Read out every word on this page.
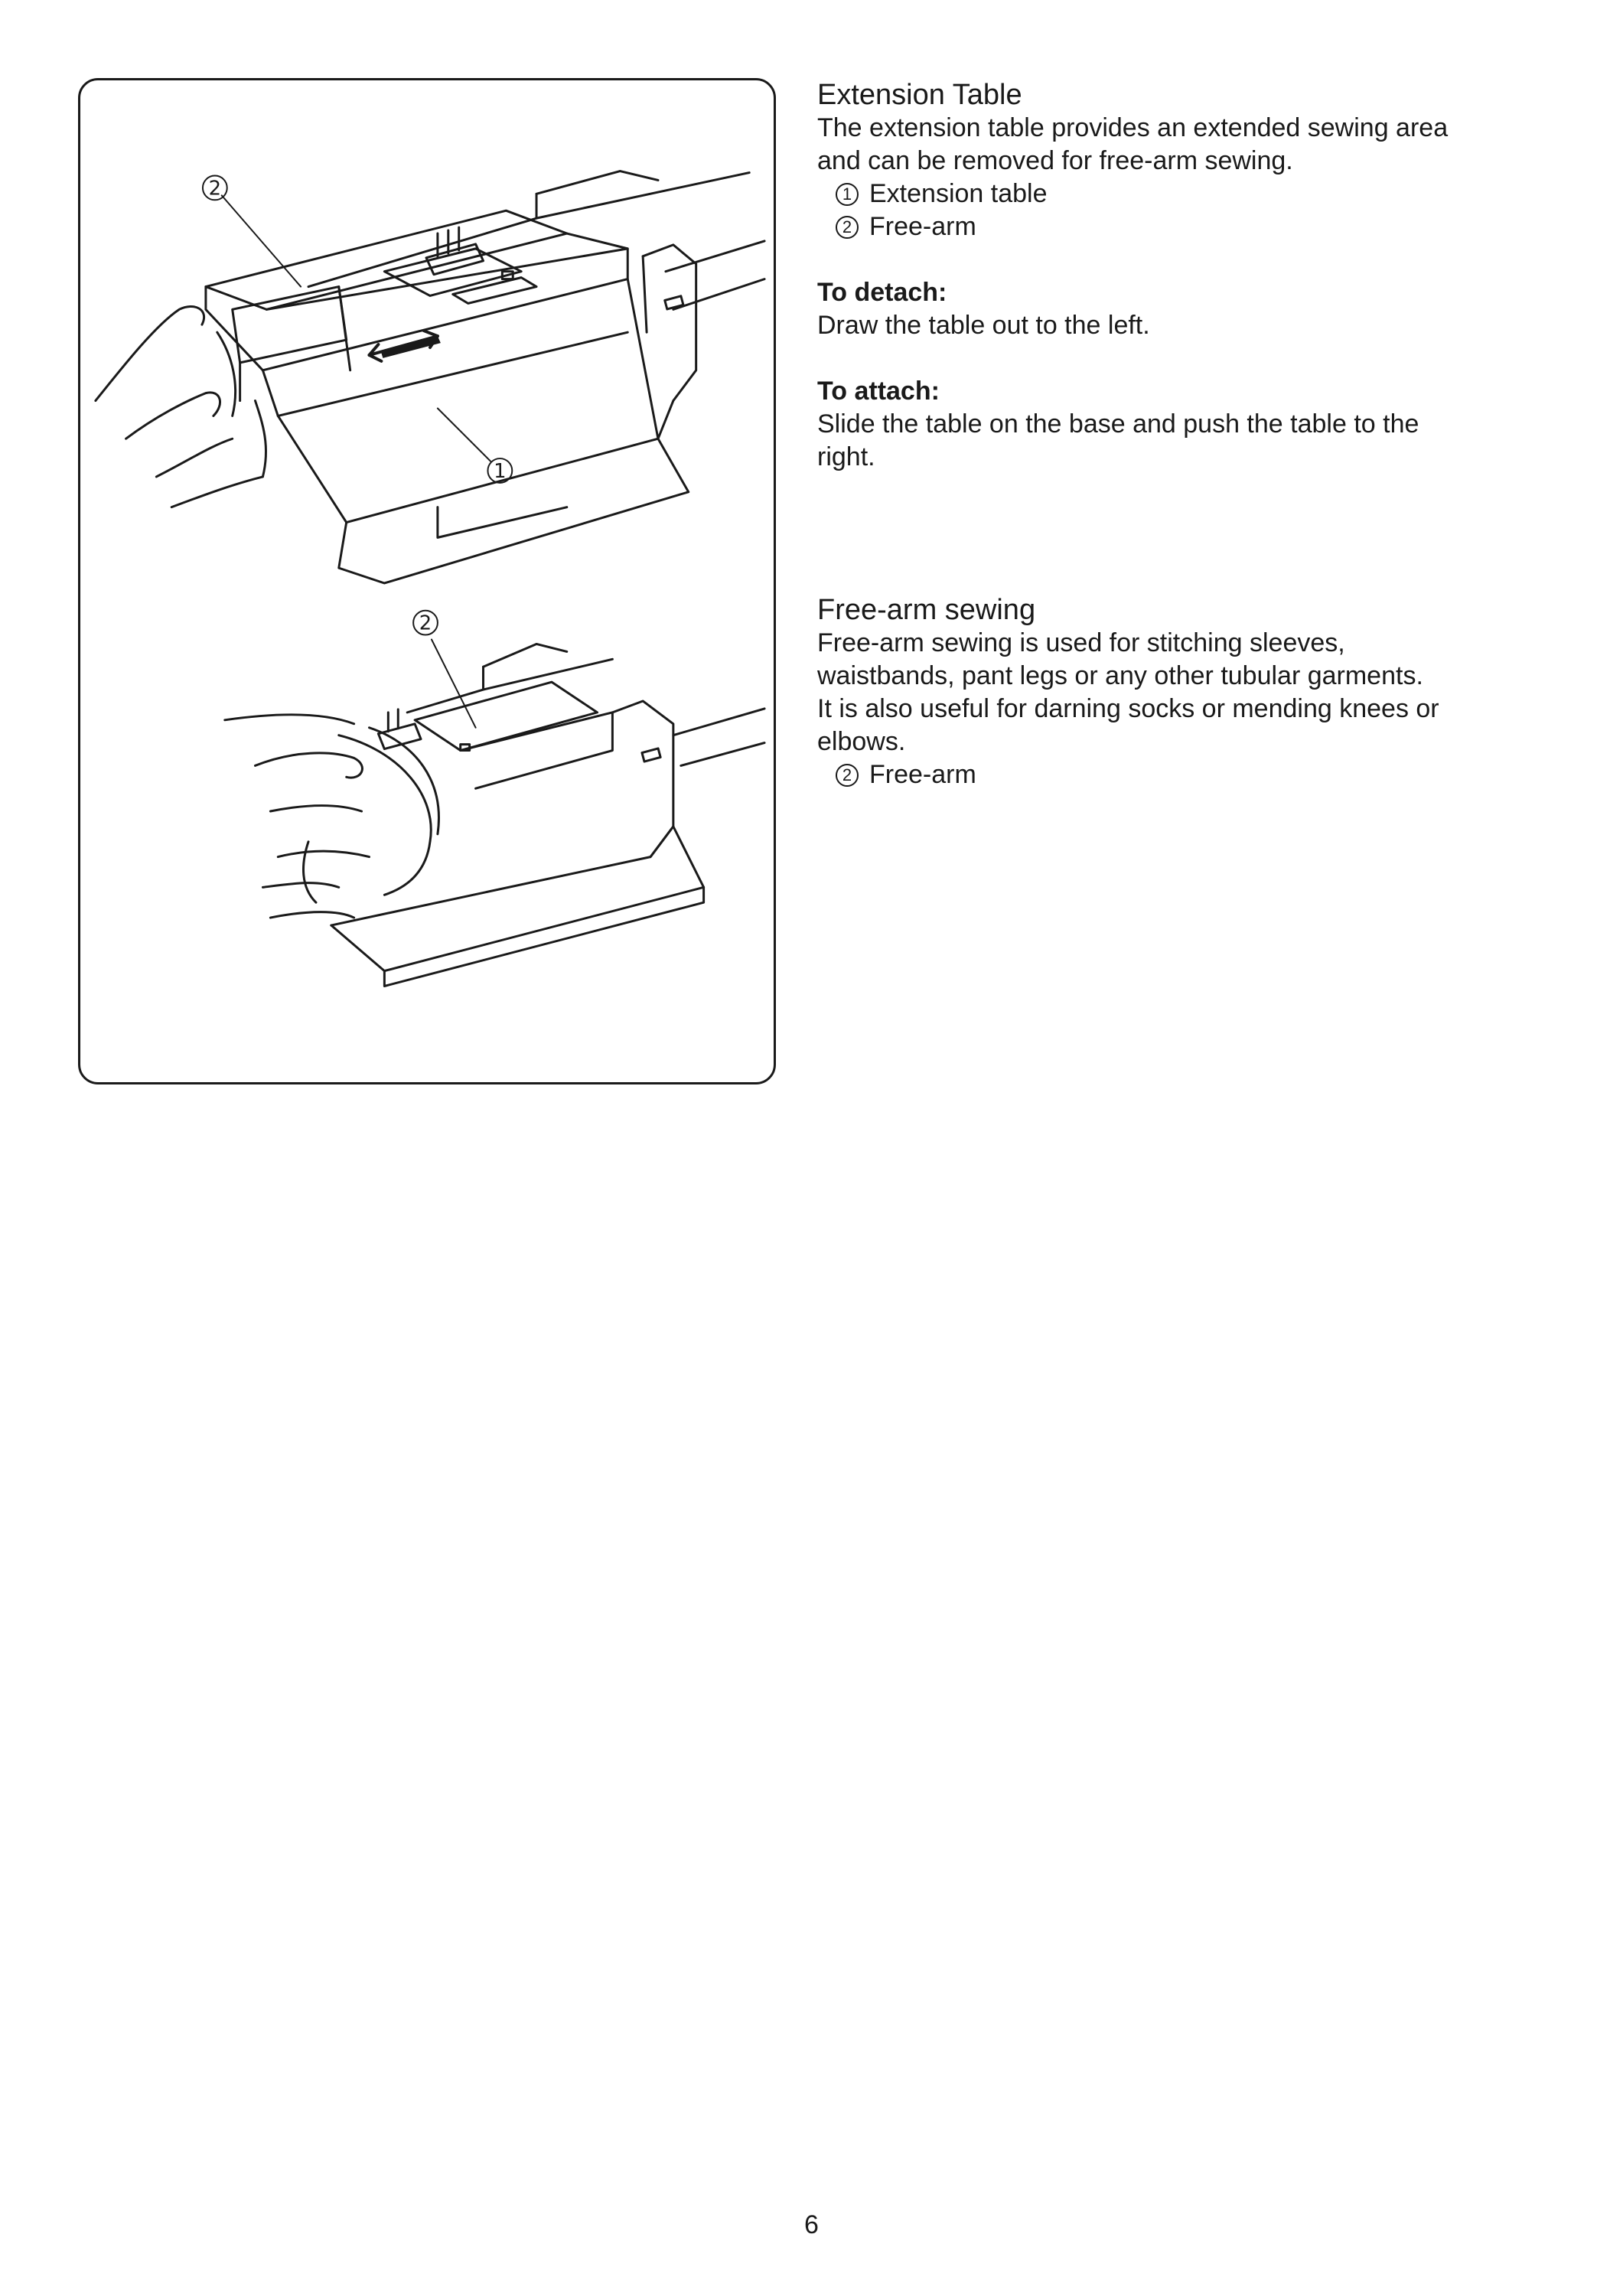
2
1
2
Extension Table

The extension table provides an extended sewing area

and can be removed for free-arm sewing.

1 Extension table

2 Free-arm

To detach:

Draw the table out to the left.

To attach:

Slide the table on the base and push the table to the

right.

Free-arm sewing

Free-arm sewing is used for stitching sleeves,

waistbands, pant legs or any other tubular garments.

It is also useful for darning socks or mending knees or

elbows.

2 Free-arm

6
